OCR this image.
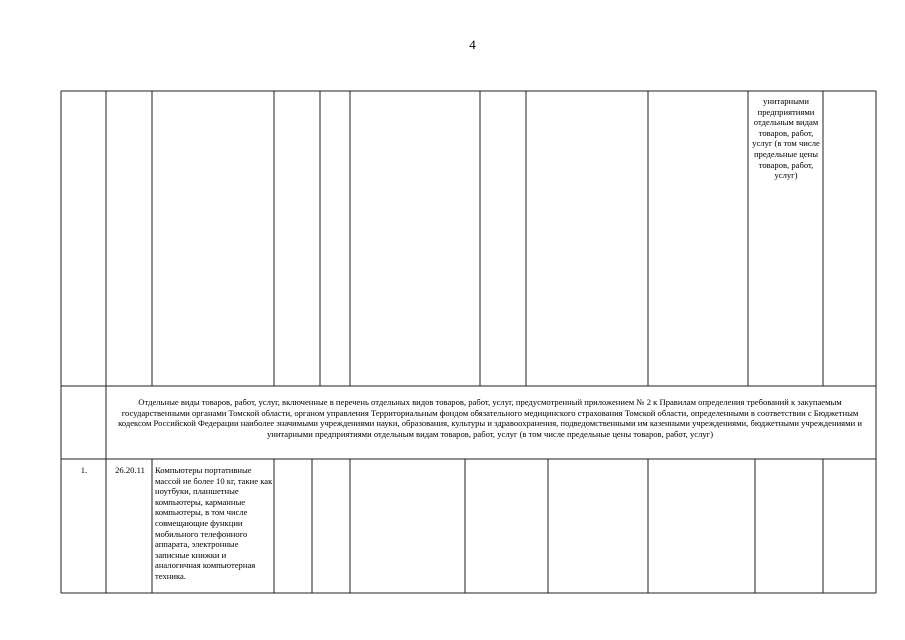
4
унитарными предприятиями отдельным видам товаров, работ, услуг (в том числе предельные цены товаров, работ, услуг)
Отдельные виды товаров, работ, услуг, включенные в перечень отдельных видов товаров, работ, услуг, предусмотренный приложением № 2 к Правилам определения требований к закупаемым государственными органами Томской области, органом управления Территориальным фондом обязательного медицинского страхования Томской области, определенными в соответствии с Бюджетным кодексом Российской Федерации наиболее значимыми учреждениями науки, образования, культуры и здравоохранения, подведомственными им казенными учреждениями, бюджетными учреждениями и унитарными предприятиями отдельным видам товаров, работ, услуг (в том числе предельные цены товаров, работ, услуг)
1.	26.20.11	Компьютеры портативные массой не более 10 кг, такие как ноутбуки, планшетные компьютеры, карманные компьютеры, в том числе совмещающие функции мобильного телефонного аппарата, электронные записные книжки и аналогичная компьютерная техника.
